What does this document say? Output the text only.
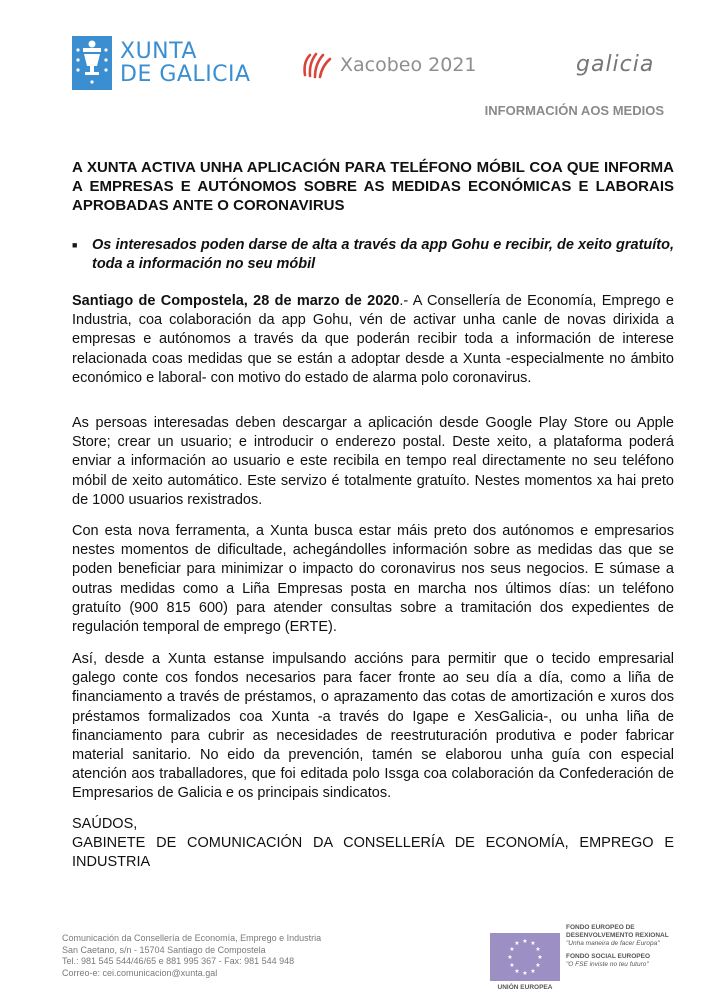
XUNTA
DE GALICIA	Xacobeo 2021	galicia
INFORMACIÓN AOS MEDIOS
A XUNTA ACTIVA UNHA APLICACIÓN PARA TELÉFONO MÓBIL COA QUE INFORMA A EMPRESAS E AUTÓNOMOS SOBRE AS MEDIDAS ECONÓMICAS E LABORAIS APROBADAS ANTE O CORONAVIRUS
■	Os interesados poden darse de alta a través da app Gohu e recibir, de xeito gratuíto, toda a información no seu móbil
Santiago de Compostela, 28 de marzo de 2020.- A Consellería de Economía, Emprego e Industria, coa colaboración da app Gohu, vén de activar unha canle de novas dirixida a empresas e autónomos a través da que poderán recibir toda a información de interese relacionada coas medidas que se están a adoptar desde a Xunta -especialmente no ámbito económico e laboral- con motivo do estado de alarma polo coronavirus.
As persoas interesadas deben descargar a aplicación desde Google Play Store ou Apple Store; crear un usuario; e introducir o enderezo postal. Deste xeito, a plataforma poderá enviar a información ao usuario e este recibila en tempo real directamente no seu teléfono móbil de xeito automático. Este servizo é totalmente gratuíto. Nestes momentos xa hai preto de 1000 usuarios rexistrados.
Con esta nova ferramenta, a Xunta busca estar máis preto dos autónomos e empresarios nestes momentos de dificultade, achegándolles información sobre as medidas das que se poden beneficiar para minimizar o impacto do coronavirus nos seus negocios. E súmase a outras medidas como a Liña Empresas posta en marcha nos últimos días: un teléfono gratuíto (900 815 600) para atender consultas sobre a tramitación dos expedientes de regulación temporal de emprego (ERTE).
Así, desde a Xunta estanse impulsando accións para permitir que o tecido empresarial galego conte cos fondos necesarios para facer fronte ao seu día a día, como a liña de financiamento a través de préstamos, o aprazamento das cotas de amortización e xuros dos préstamos formalizados coa Xunta -a través do Igape e XesGalicia-, ou unha liña de financiamento para cubrir as necesidades de reestruturación produtiva e poder fabricar material sanitario. No eido da prevención, tamén se elaborou unha guía con especial atención aos traballadores, que foi editada polo Issga coa colaboración da Confederación de Empresarios de Galicia e os principais sindicatos.
SAÚDOS,
GABINETE DE COMUNICACIÓN DA CONSELLERÍA DE ECONOMÍA, EMPREGO E INDUSTRIA
Comunicación da Consellería de Economía, Emprego e Industria
San Caetano, s/n - 15704 Santiago de Compostela
Tel.: 981 545 544/46/65 e 881 995 367 - Fax: 981 544 948
Correo-e: cei.comunicacion@xunta.gal
★ ★
★
★
★
★
★
★
★
★
★
★
UNIÓN EUROPEA
FONDO EUROPEO DE
DESENVOLVEMENTO REXIONAL
"Unha maneira de facer Europa"
FONDO SOCIAL EUROPEO
"O FSE inviste no teu futuro"
